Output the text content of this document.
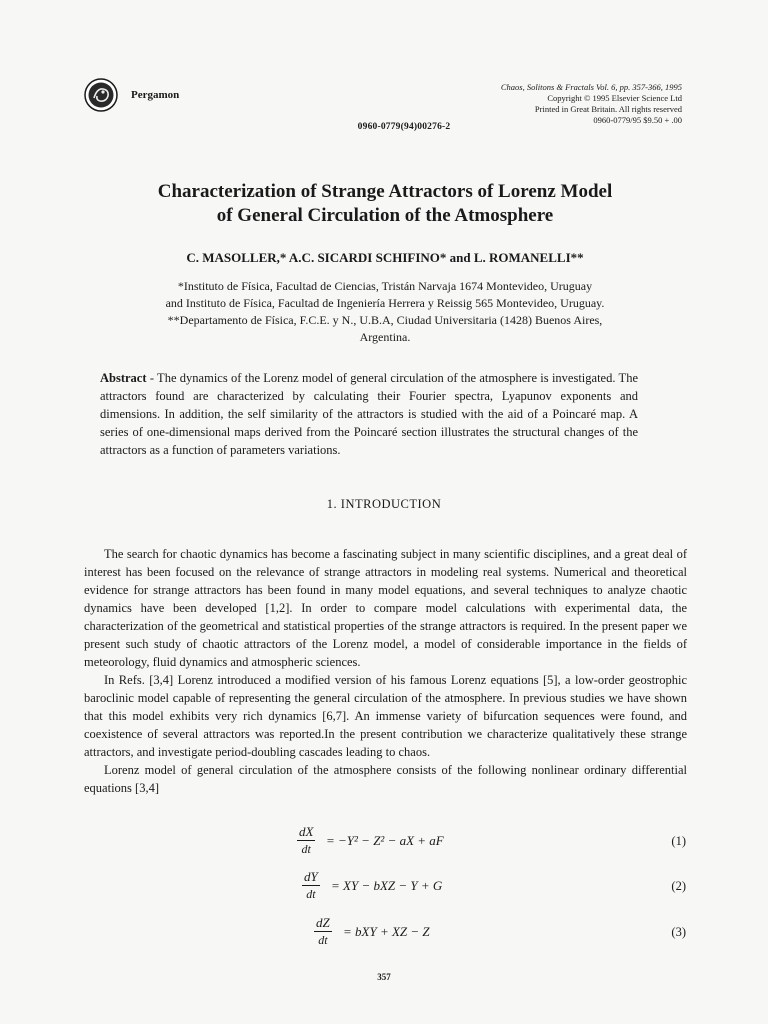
Pergamon
Chaos, Solitons & Fractals Vol. 6, pp. 357-366, 1995
Copyright © 1995 Elsevier Science Ltd
Printed in Great Britain. All rights reserved
0960-0779/95 $9.50 + .00
0960-0779(94)00276-2
Characterization of Strange Attractors of Lorenz Model
of General Circulation of the Atmosphere
C. MASOLLER,* A.C. SICARDI SCHIFINO* and L. ROMANELLI**
*Instituto de Física, Facultad de Ciencias, Tristán Narvaja 1674 Montevideo, Uruguay
and Instituto de Física, Facultad de Ingeniería Herrera y Reissig 565 Montevideo, Uruguay.
**Departamento de Física, F.C.E. y N., U.B.A, Ciudad Universitaria (1428) Buenos Aires,
Argentina.
Abstract - The dynamics of the Lorenz model of general circulation of the atmosphere is investigated. The attractors found are characterized by calculating their Fourier spectra, Lyapunov exponents and dimensions. In addition, the self similarity of the attractors is studied with the aid of a Poincaré map. A series of one-dimensional maps derived from the Poincaré section illustrates the structural changes of the attractors as a function of parameters variations.
1. INTRODUCTION

The search for chaotic dynamics has become a fascinating subject in many scientific disciplines, and a great deal of interest has been focused on the relevance of strange attractors in modeling real systems. Numerical and theoretical evidence for strange attractors has been found in many model equations, and several techniques to analyze chaotic dynamics have been developed [1,2]. In order to compare model calculations with experimental data, the characterization of the geometrical and statistical properties of the strange attractors is required. In the present paper we present such study of chaotic attractors of the Lorenz model, a model of considerable importance in the fields of meteorology, fluid dynamics and atmospheric sciences.

In Refs. [3,4] Lorenz introduced a modified version of his famous Lorenz equations [5], a low-order geostrophic baroclinic model capable of representing the general circulation of the atmosphere. In previous studies we have shown that this model exhibits very rich dynamics [6,7]. An immense variety of bifurcation sequences were found, and coexistence of several attractors was reported.In the present contribution we characterize qualitatively these strange attractors, and investigate period-doubling cascades leading to chaos.

Lorenz model of general circulation of the atmosphere consists of the following nonlinear ordinary differential equations [3,4]

$\frac{dX}{dt} = -Y^2 - Z^2$ − aX + aF	(1)
$\frac{dY}{dt}$ = XY − bXZ − Y + G	(2)
$\frac{dZ}{dt}$ = bXY + XZ − Z	(3)
357
